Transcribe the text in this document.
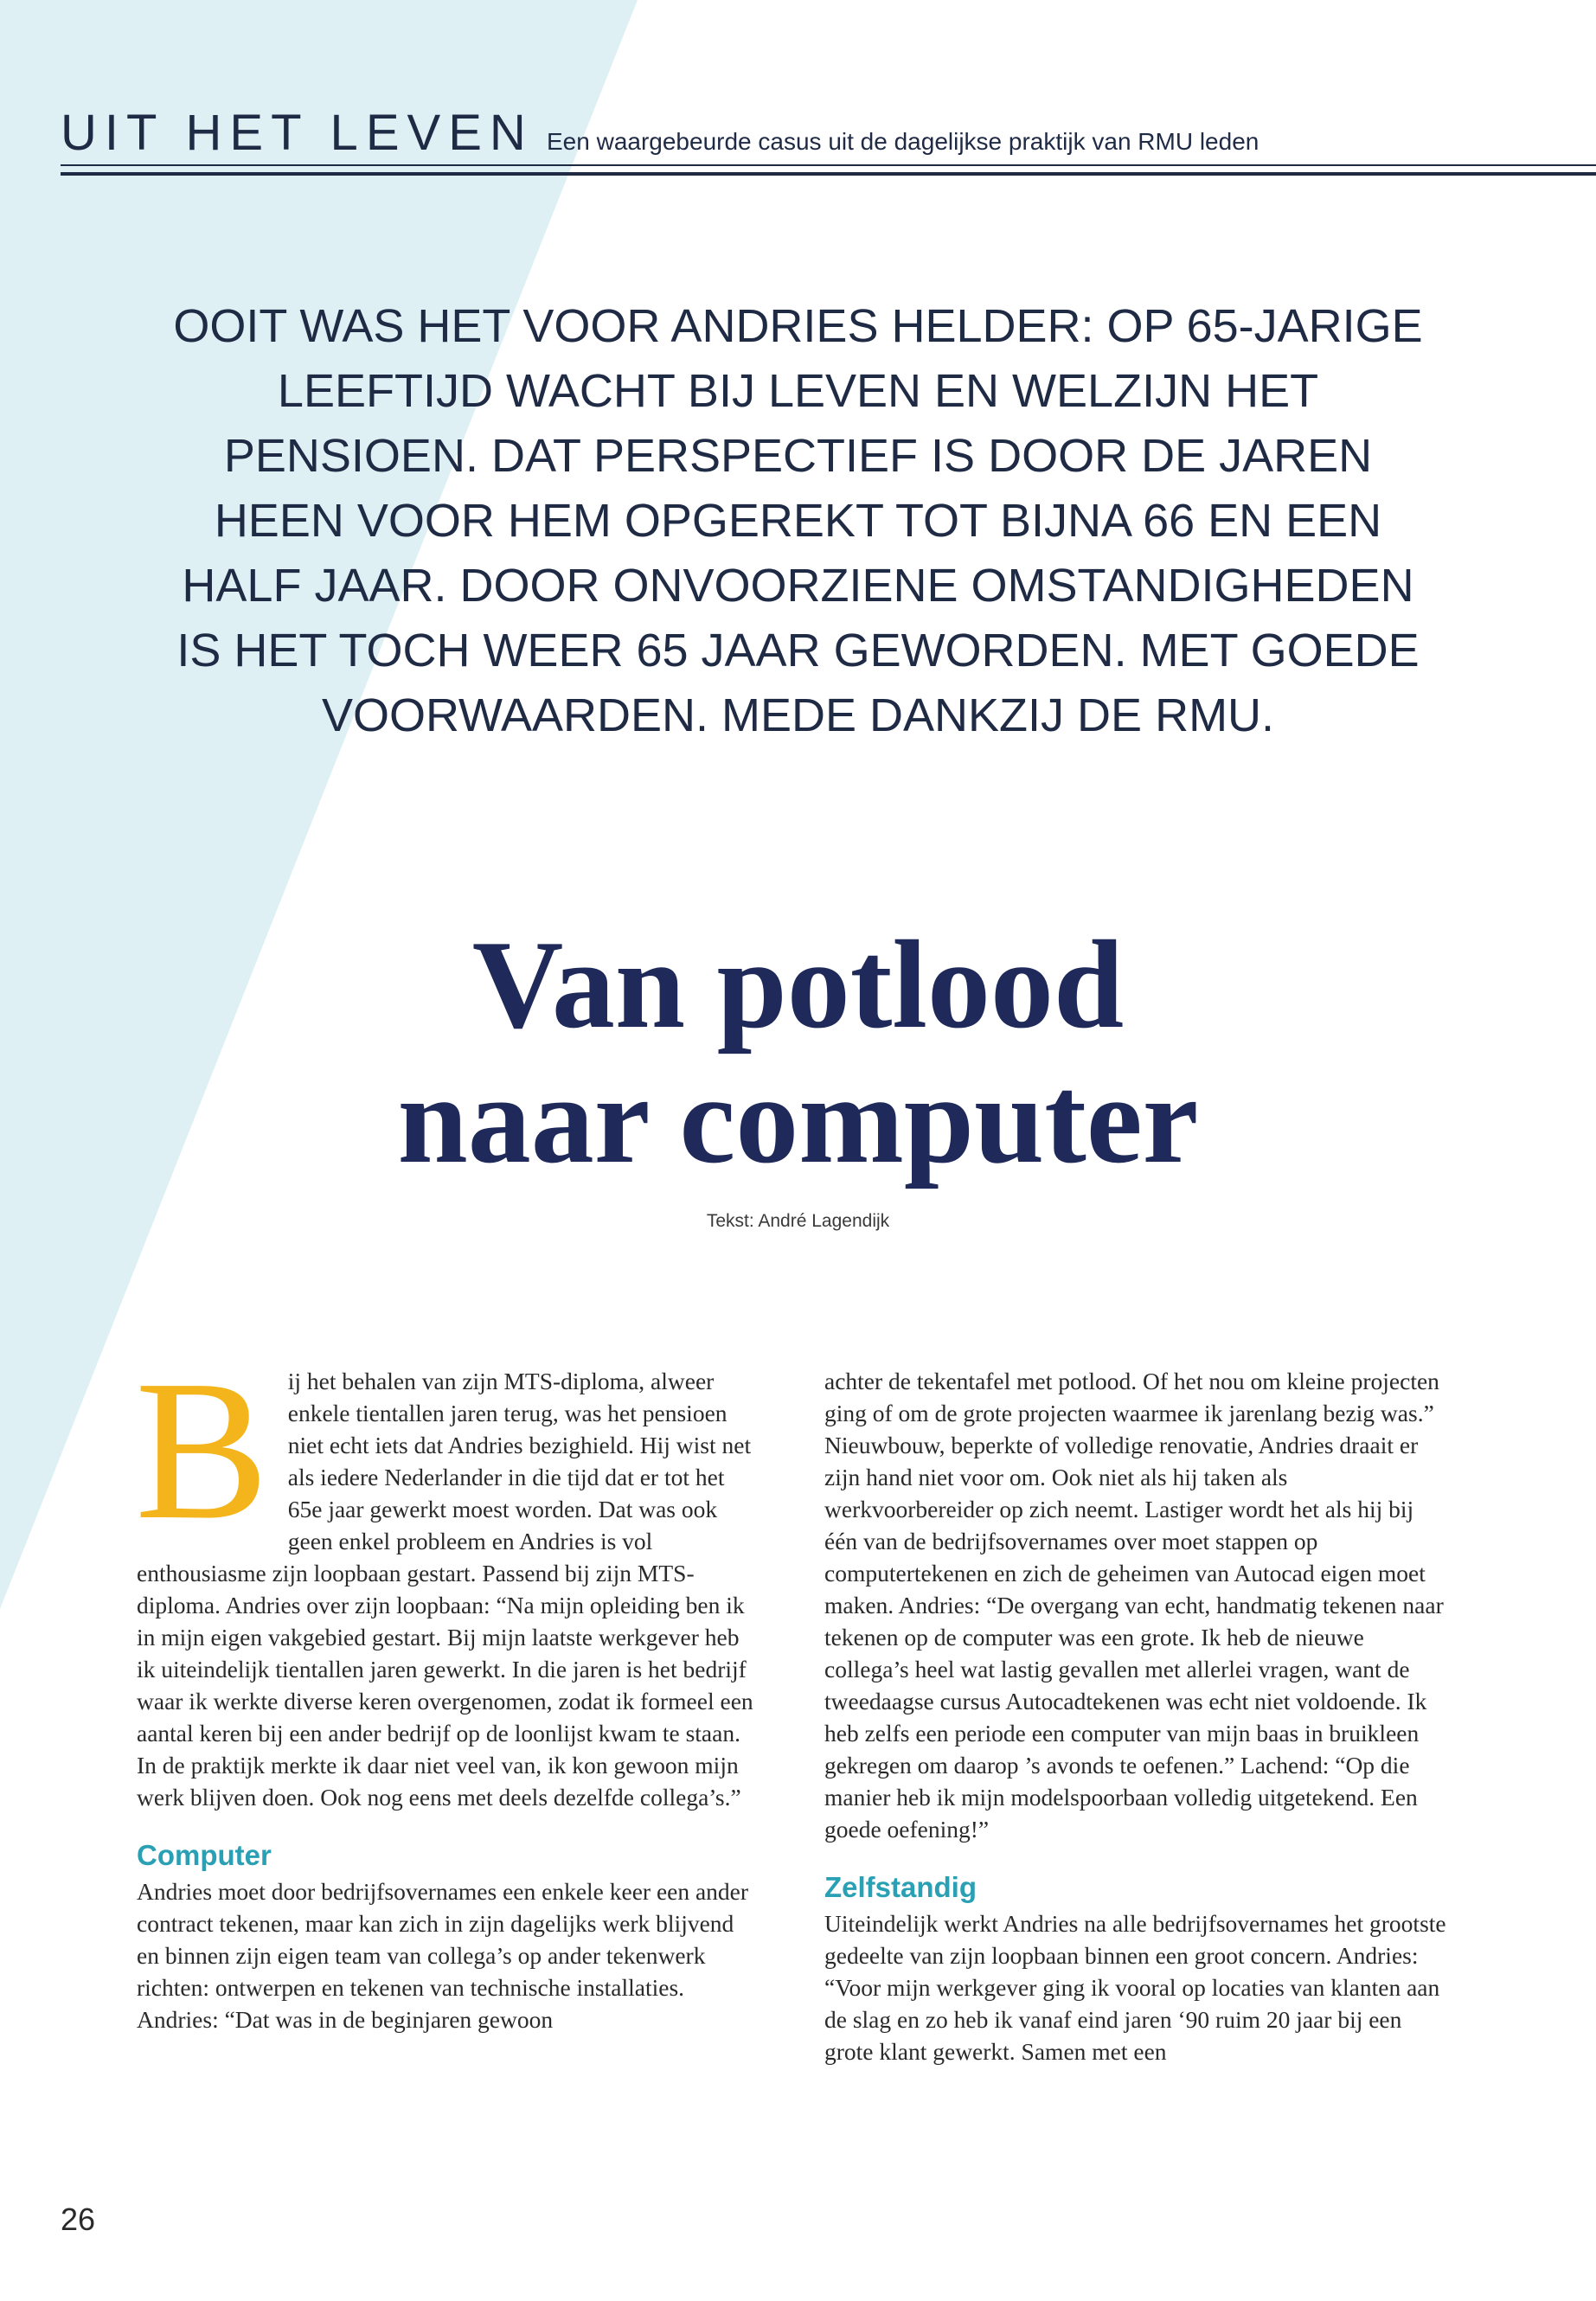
UIT HET LEVEN Een waargebeurde casus uit de dagelijkse praktijk van RMU leden

OOIT WAS HET VOOR ANDRIES HELDER: OP 65-JARIGE LEEFTIJD WACHT BIJ LEVEN EN WELZIJN HET PENSIOEN. DAT PERSPECTIEF IS DOOR DE JAREN HEEN VOOR HEM OPGEREKT TOT BIJNA 66 EN EEN HALF JAAR. DOOR ONVOORZIENE OMSTANDIGHEDEN IS HET TOCH WEER 65 JAAR GEWORDEN. MET GOEDE VOORWAARDEN. MEDE DANKZIJ DE RMU.

Van potlood
naar computer
Tekst: André Lagendijk

Bij het behalen van zijn MTS-diploma, alweer enkele tientallen jaren terug, was het pensioen niet echt iets dat Andries bezighield. Hij wist net als iedere Nederlander in die tijd dat er tot het 65e jaar gewerkt moest worden. Dat was ook geen enkel probleem en Andries is vol enthousiasme zijn loopbaan gestart. Passend bij zijn MTS-diploma. Andries over zijn loopbaan: “Na mijn opleiding ben ik in mijn eigen vakgebied gestart. Bij mijn laatste werkgever heb ik uiteindelijk tientallen jaren gewerkt. In die jaren is het bedrijf waar ik werkte diverse keren overgenomen, zodat ik formeel een aantal keren bij een ander bedrijf op de loonlijst kwam te staan. In de praktijk merkte ik daar niet veel van, ik kon gewoon mijn werk blijven doen. Ook nog eens met deels dezelfde collega’s.”

Computer

Andries moet door bedrijfsovernames een enkele keer een ander contract tekenen, maar kan zich in zijn dagelijks werk blijvend en binnen zijn eigen team van collega’s op ander tekenwerk richten: ontwerpen en tekenen van technische installaties. Andries: “Dat was in de beginjaren gewoon

achter de tekentafel met potlood. Of het nou om kleine projecten ging of om de grote projecten waarmee ik jarenlang bezig was.” Nieuwbouw, beperkte of volledige renovatie, Andries draait er zijn hand niet voor om. Ook niet als hij taken als werkvoorbereider op zich neemt. Lastiger wordt het als hij bij één van de bedrijfsovernames over moet stappen op computertekenen en zich de geheimen van Autocad eigen moet maken. Andries: “De overgang van echt, handmatig tekenen naar tekenen op de computer was een grote. Ik heb de nieuwe collega’s heel wat lastig gevallen met allerlei vragen, want de tweedaagse cursus Autocadtekenen was echt niet voldoende. Ik heb zelfs een periode een computer van mijn baas in bruikleen gekregen om daarop ’s avonds te oefenen.” Lachend: “Op die manier heb ik mijn modelspoorbaan volledig uitgetekend. Een goede oefening!”

Zelfstandig

Uiteindelijk werkt Andries na alle bedrijfsovernames het grootste gedeelte van zijn loopbaan binnen een groot concern. Andries: “Voor mijn werkgever ging ik vooral op locaties van klanten aan de slag en zo heb ik vanaf eind jaren ‘90 ruim 20 jaar bij een grote klant gewerkt. Samen met een

26
